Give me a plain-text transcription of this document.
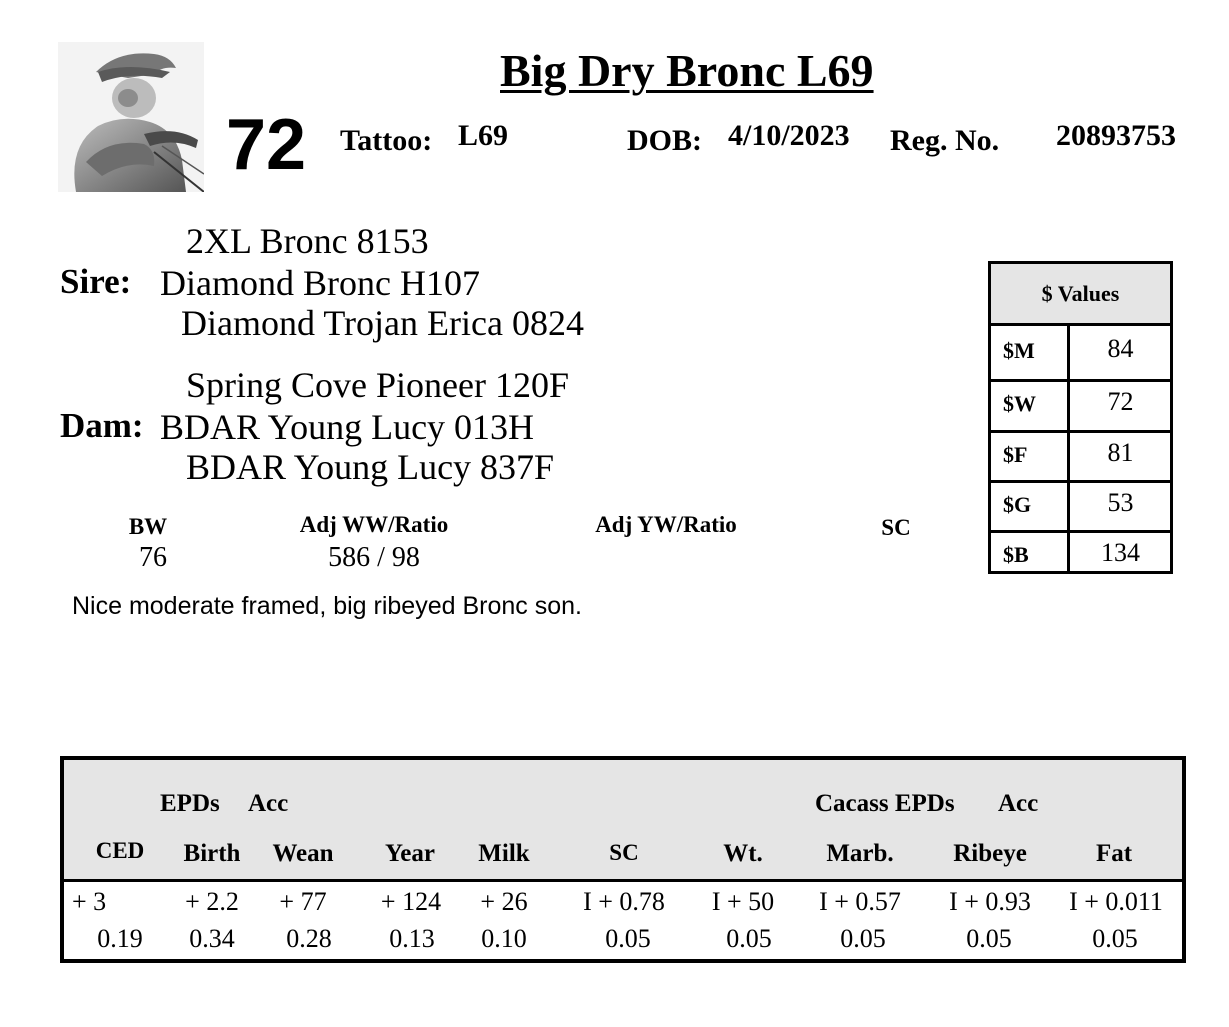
Big Dry Bronc L69
72 Tattoo: L69	DOB: 4/10/2023 Reg. No. 20893753
2XL Bronc 8153
Sire: Diamond Bronc H107
Diamond Trojan Erica 0824
Spring Cove Pioneer 120F
Dam: BDAR Young Lucy 013H
BDAR Young Lucy 837F
BW
76
Adj WW/Ratio
586 / 98
Adj YW/Ratio	SC
Nice moderate framed, big ribeyed Bronc son.
$ Values
$M	84
$W	72
$F	81
$G	53
$B	134
EPDs Acc	Cacass EPDs Acc
CED	Birth	Wean	Year	Milk	SC	Wt.	Marb.	Ribeye	Fat
+ 3	+ 2.2	+ 77	+ 124	+ 26	I + 0.78	I + 50	I + 0.57	I + 0.93	I + 0.011
0.19	0.34	0.28	0.13	0.10	0.05	0.05	0.05	0.05	0.05
